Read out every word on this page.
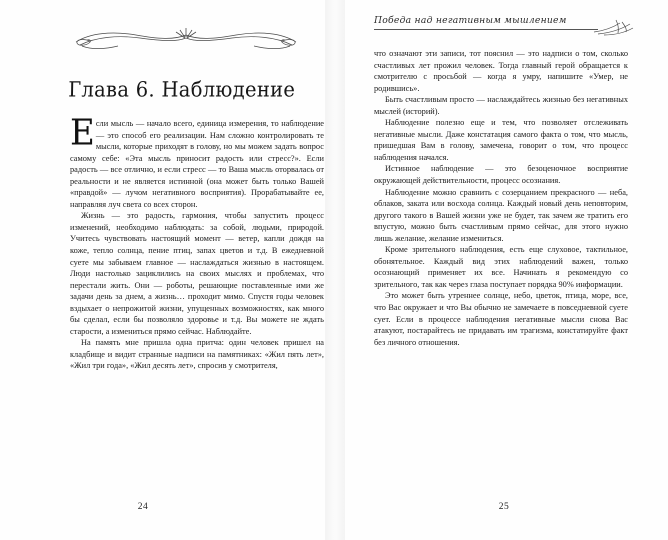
Глава 6. Наблюдение

Если мысль — начало всего, единица измерения, то наблюдение — это способ его реализации. Нам сложно контролировать те мысли, которые приходят в голову, но мы можем задать вопрос самому себе: «Эта мысль приносит радость или стресс?». Если радость — все отлично, и если стресс — то Ваша мысль оторвалась от реальности и не является истинной (она может быть только Вашей «правдой» — лучом негативного восприятия). Прорабатывайте ее, направляя луч света со всех сторон.

Жизнь — это радость, гармония, чтобы запустить процесс изменений, необходимо наблюдать: за собой, людьми, природой. Учитесь чувствовать настоящий момент — ветер, капли дождя на коже, тепло солнца, пение птиц, запах цветов и т.д. В ежедневной суете мы забываем главное — наслаждаться жизнью в настоящем. Люди настолько зациклились на своих мыслях и проблемах, что перестали жить. Они — роботы, решающие поставленные ими же задачи день за днем, а жизнь… проходит мимо. Спустя годы человек вздыхает о непрожитой жизни, упущенных возможностях, как много бы сделал, если бы позволяло здоровье и т.д. Вы можете не ждать старости, а измениться прямо сейчас. Наблюдайте.

На память мне пришла одна притча: один человек пришел на кладбище и видит странные надписи на памятниках: «Жил пять лет», «Жил три года», «Жил десять лет», спросив у смотрителя,

24
Победа над негативным мышлением

что означают эти записи, тот пояснил — это надписи о том, сколько счастливых лет прожил человек. Тогда главный герой обращается к смотрителю с просьбой — когда я умру, напишите «Умер, не родившись».

Быть счастливым просто — наслаждайтесь жизнью без негативных мыслей (историй).

Наблюдение полезно еще и тем, что позволяет отслеживать негативные мысли. Даже констатация самого факта о том, что мысль, пришедшая Вам в голову, замечена, говорит о том, что процесс наблюдения начался.

Истинное наблюдение — это безоценочное восприятие окружающей действительности, процесс осознания.

Наблюдение можно сравнить с созерцанием прекрасного — неба, облаков, заката или восхода солнца. Каждый новый день неповторим, другого такого в Вашей жизни уже не будет, так зачем же тратить его впустую, можно быть счастливым прямо сейчас, для этого нужно лишь желание, желание измениться.

Кроме зрительного наблюдения, есть еще слуховое, тактильное, обонятельное. Каждый вид этих наблюдений важен, только осознающий применяет их все. Начинать я рекомендую со зрительного, так как через глаза поступает порядка 90% информации.

Это может быть утреннее солнце, небо, цветок, птица, море, все, что Вас окружает и что Вы обычно не замечаете в повседневной суете сует. Если в процессе наблюдения негативные мысли снова Вас атакуют, постарайтесь не придавать им трагизма, констатируйте факт без личного отношения.

25
